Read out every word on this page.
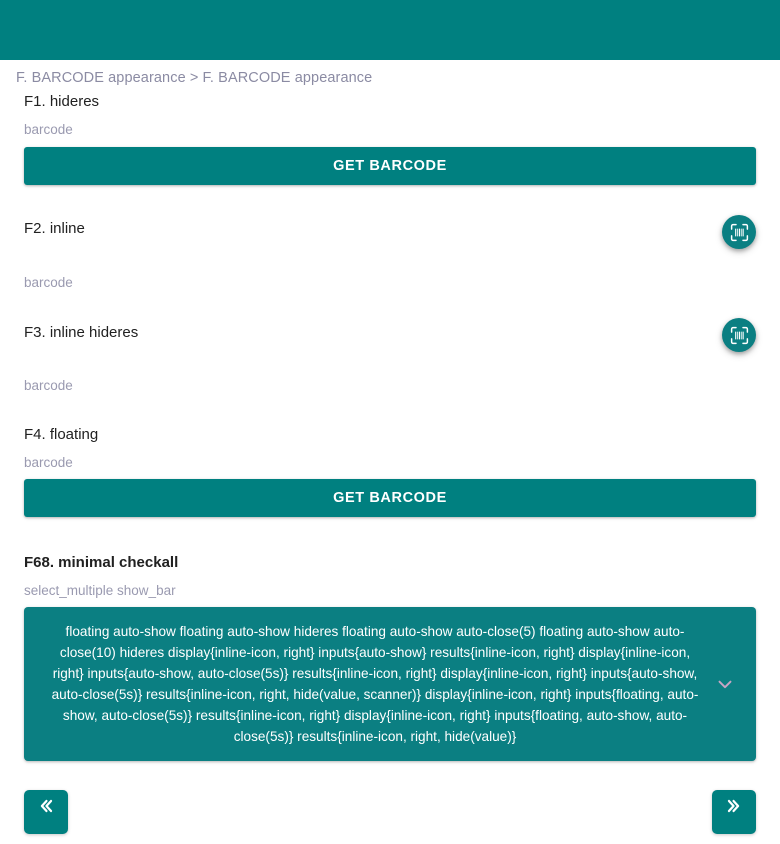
F. BARCODE appearance > F. BARCODE appearance
F1. hideres
barcode
GET BARCODE
F2. inline
barcode
F3. inline hideres
barcode
F4. floating
barcode
GET BARCODE
F68. minimal checkall
select_multiple show_bar

floating auto-show floating auto-show hideres floating auto-show auto-close(5) floating auto-show auto-close(10) hideres display{inline-icon, right} inputs{auto-show} results{inline-icon, right} display{inline-icon, right} inputs{auto-show, auto-close(5s)} results{inline-icon, right} display{inline-icon, right} inputs{auto-show, auto-close(5s)} results{inline-icon, right, hide(value, scanner)} display{inline-icon, right} inputs{floating, auto-show, auto-close(5s)} results{inline-icon, right} display{inline-icon, right} inputs{floating, auto-show, auto-close(5s)} results{inline-icon, right, hide(value)}
